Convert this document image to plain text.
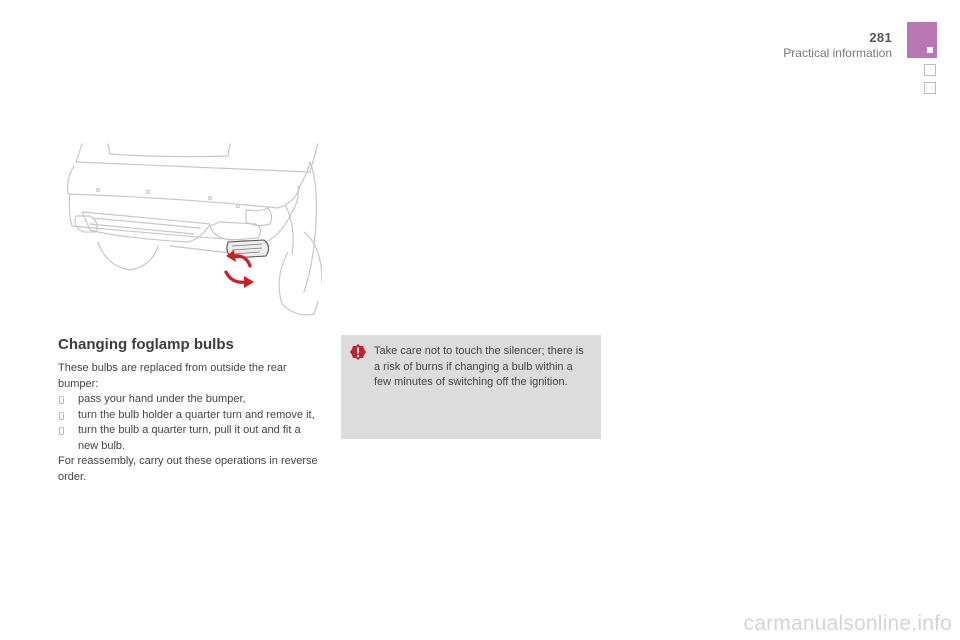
281
Practical information
Changing foglamp bulbs

These bulbs are replaced from outside the rear bumper:

pass your hand under the bumper,
turn the bulb holder a quarter turn and remove it,
turn the bulb a quarter turn, pull it out and fit a new bulb.

For reassembly, carry out these operations in reverse order.

Take care not to touch the silencer; there is a risk of burns if changing a bulb within a few minutes of switching off the ignition.
carmanualsonline.info
